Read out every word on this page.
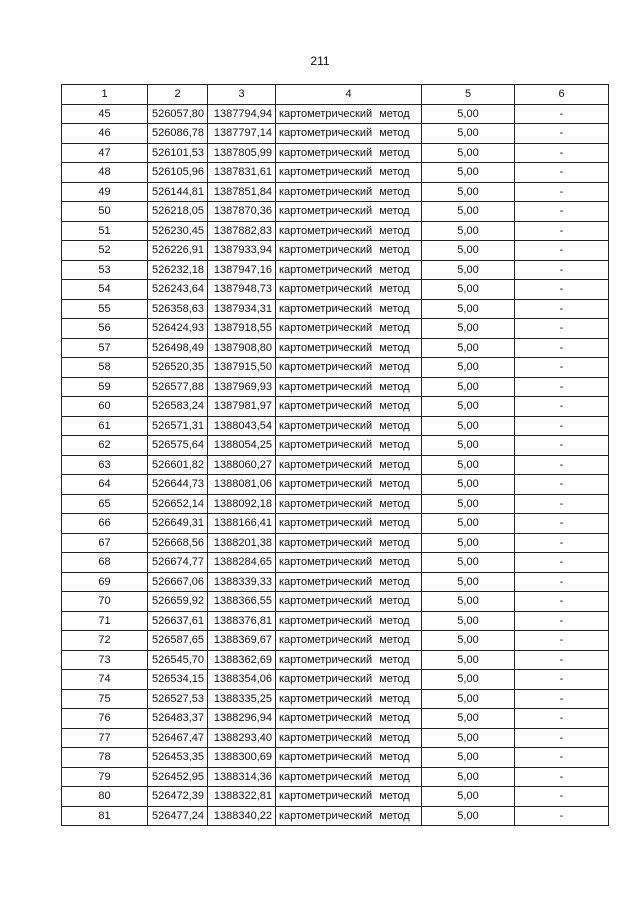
211
1	2	3	4	5	6
45	526057,80	1387794,94	картометрический метод	5,00	-
46	526086,78	1387797,14	картометрический метод	5,00	-
47	526101,53	1387805,99	картометрический метод	5,00	-
48	526105,96	1387831,61	картометрический метод	5,00	-
49	526144,81	1387851,84	картометрический метод	5,00	-
50	526218,05	1387870,36	картометрический метод	5,00	-
51	526230,45	1387882,83	картометрический метод	5,00	-
52	526226,91	1387933,94	картометрический метод	5,00	-
53	526232,18	1387947,16	картометрический метод	5,00	-
54	526243,64	1387948,73	картометрический метод	5,00	-
55	526358,63	1387934,31	картометрический метод	5,00	-
56	526424,93	1387918,55	картометрический метод	5,00	-
57	526498,49	1387908,80	картометрический метод	5,00	-
58	526520,35	1387915,50	картометрический метод	5,00	-
59	526577,88	1387969,93	картометрический метод	5,00	-
60	526583,24	1387981,97	картометрический метод	5,00	-
61	526571,31	1388043,54	картометрический метод	5,00	-
62	526575,64	1388054,25	картометрический метод	5,00	-
63	526601,82	1388060,27	картометрический метод	5,00	-
64	526644,73	1388081,06	картометрический метод	5,00	-
65	526652,14	1388092,18	картометрический метод	5,00	-
66	526649,31	1388166,41	картометрический метод	5,00	-
67	526668,56	1388201,38	картометрический метод	5,00	-
68	526674,77	1388284,65	картометрический метод	5,00	-
69	526667,06	1388339,33	картометрический метод	5,00	-
70	526659,92	1388366,55	картометрический метод	5,00	-
71	526637,61	1388376,81	картометрический метод	5,00	-
72	526587,65	1388369,67	картометрический метод	5,00	-
73	526545,70	1388362,69	картометрический метод	5,00	-
74	526534,15	1388354,06	картометрический метод	5,00	-
75	526527,53	1388335,25	картометрический метод	5,00	-
76	526483,37	1388296,94	картометрический метод	5,00	-
77	526467,47	1388293,40	картометрический метод	5,00	-
78	526453,35	1388300,69	картометрический метод	5,00	-
79	526452,95	1388314,36	картометрический метод	5,00	-
80	526472,39	1388322,81	картометрический метод	5,00	-
81	526477,24	1388340,22	картометрический метод	5,00	-
